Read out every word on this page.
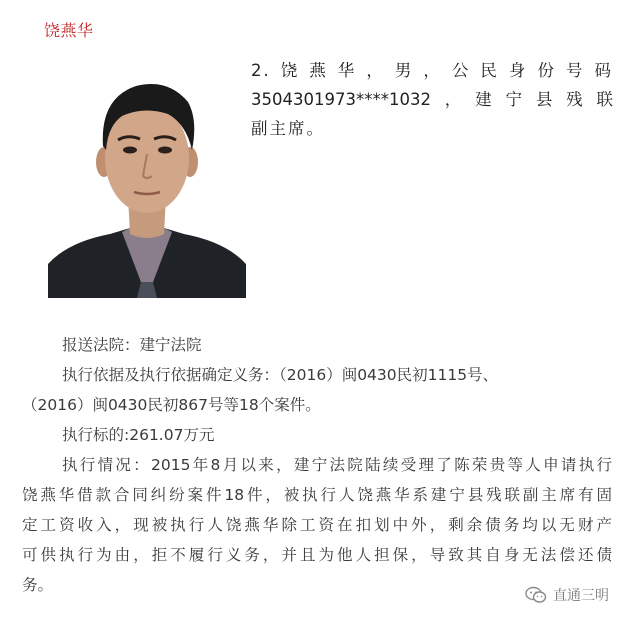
饶燕华
2.饶燕华，男，公民身份号码
3504301973****1032，建宁县残联
副主席。

报送法院：建宁法院

执行依据及执行依据确定义务：（2016）闽0430民初1115号、

（2016）闽0430民初867号等18个案件。

执行标的:261.07万元

执行情况：2015年8月以来，建宁法院陆续受理了陈荣贵等人申请执行

饶燕华借款合同纠纷案件18件，被执行人饶燕华系建宁县残联副主席有固

定工资收入，现被执行人饶燕华除工资在扣划中外，剩余债务均以无财产

可供执行为由，拒不履行义务，并且为他人担保，导致其自身无法偿还债

务。

直通三明
